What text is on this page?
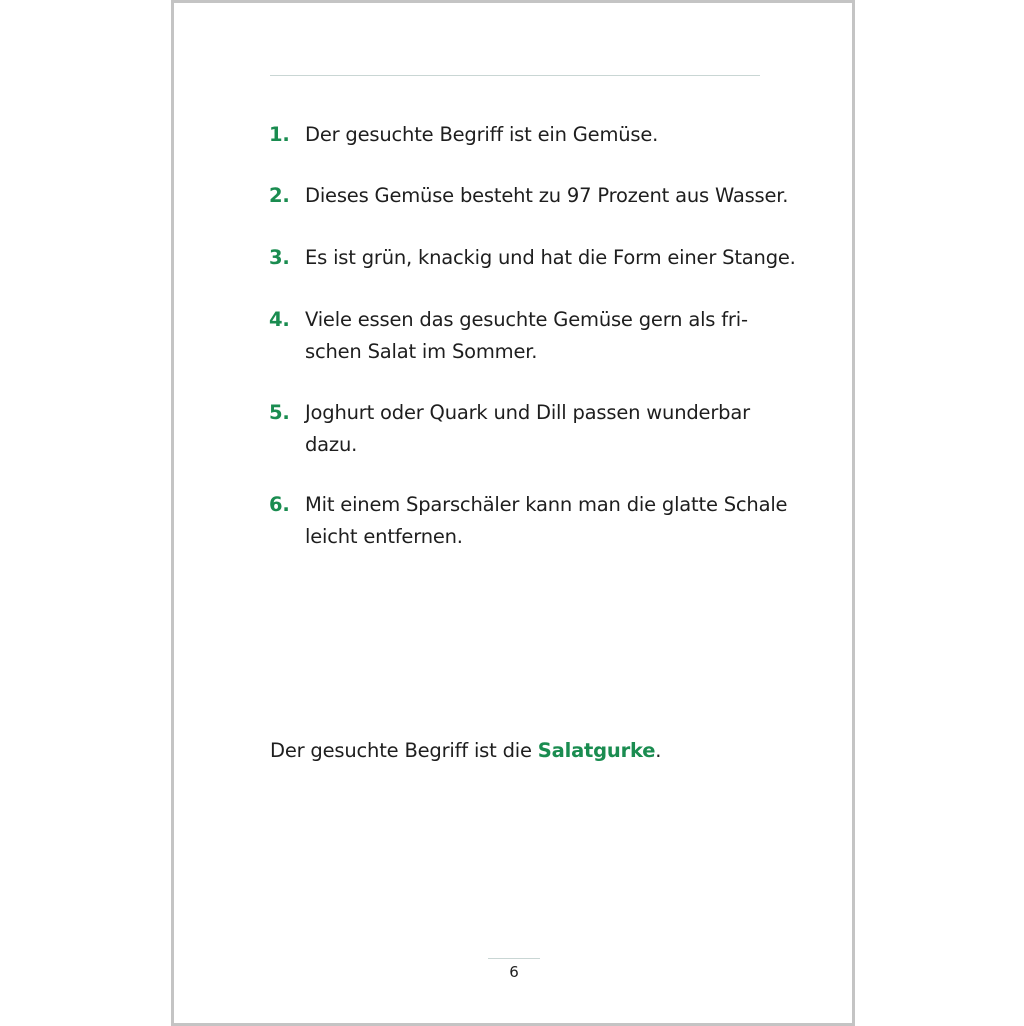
1. Der gesuchte Begriff ist ein Gemüse.
2. Dieses Gemüse besteht zu 97 Prozent aus Wasser.
3. Es ist grün, knackig und hat die Form einer Stange.
4. Viele essen das gesuchte Gemüse gern als fri-
schen Salat im Sommer.
5. Joghurt oder Quark und Dill passen wunderbar
dazu.
6. Mit einem Sparschäler kann man die glatte Schale
leicht entfernen.
Der gesuchte Begriff ist die Salatgurke.
6
